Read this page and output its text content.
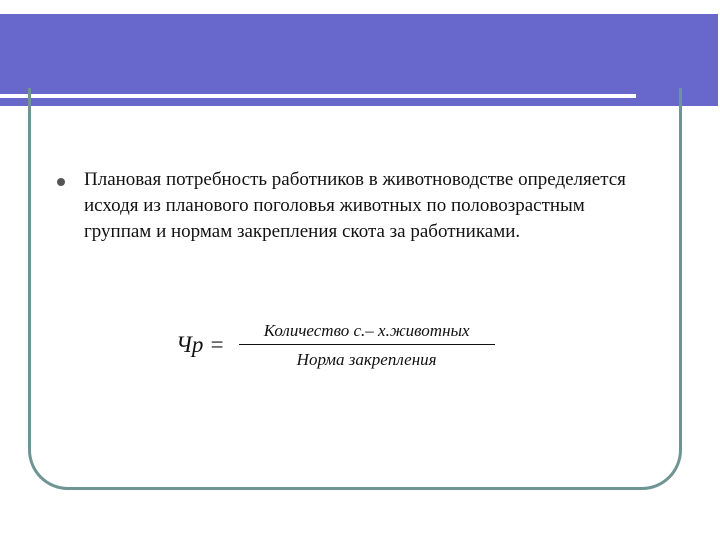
Плановая потребность работников в животноводстве определяется исходя из планового поголовья животных по половозрастным группам и нормам закрепления скота за работниками.

Чр = $\frac{\text{Количество с.– х.животных}}{\text{Норма закрепления}}$
